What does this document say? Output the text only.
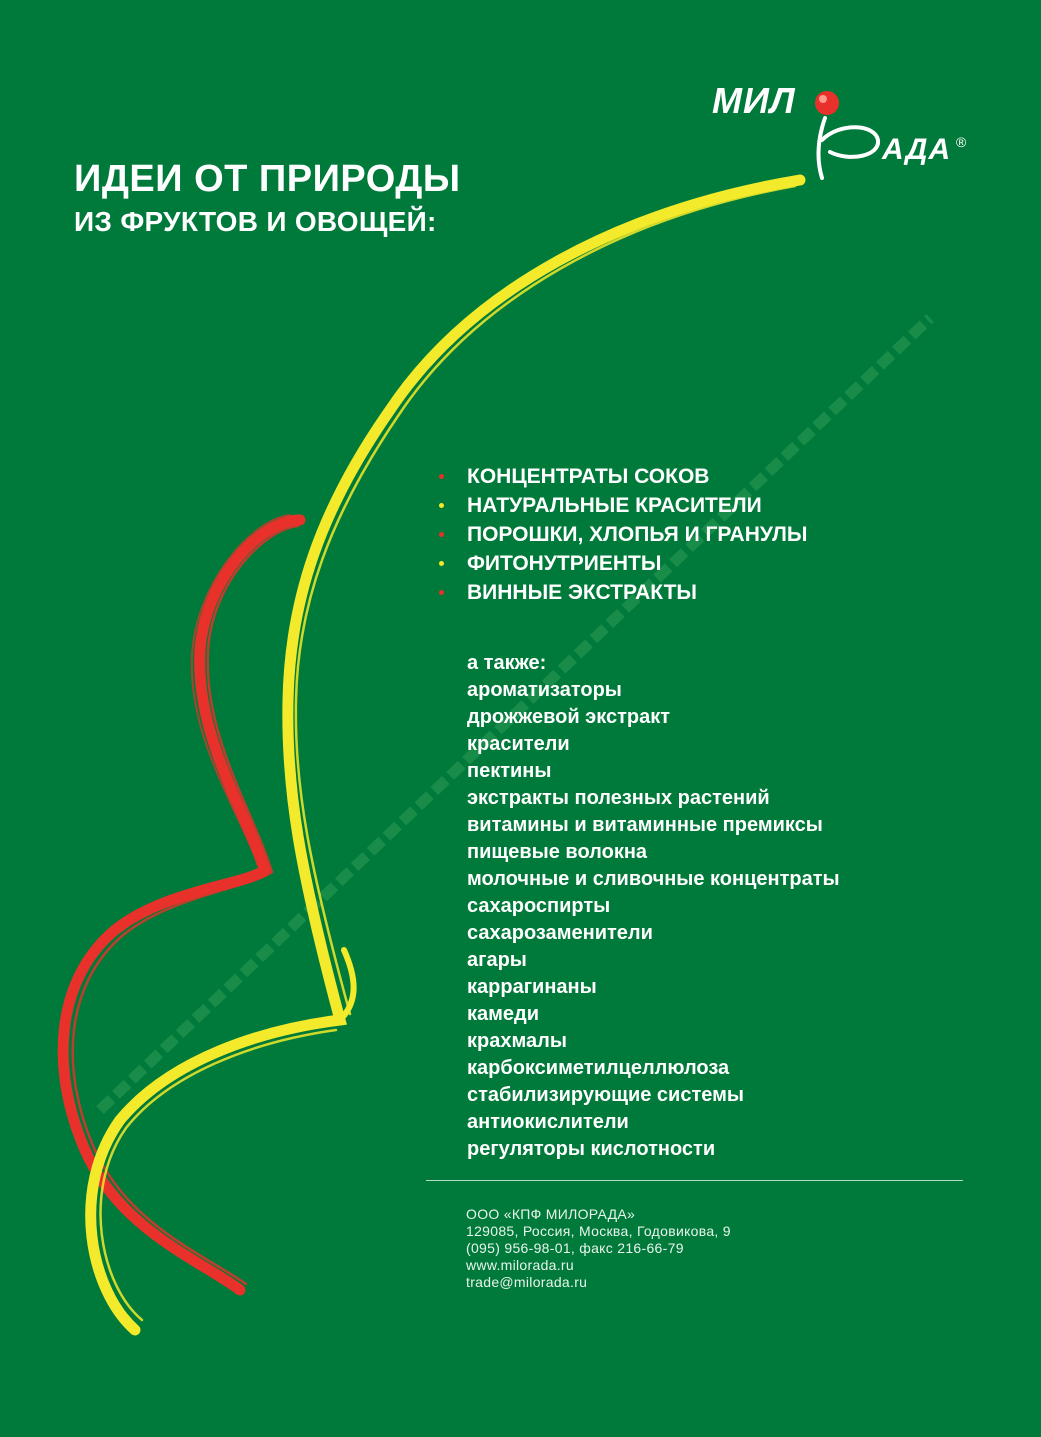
МИЛ
АДА ®
ИДЕИ ОТ ПРИРОДЫ
ИЗ ФРУКТОВ И ОВОЩЕЙ:
КОНЦЕНТРАТЫ СОКОВ
НАТУРАЛЬНЫЕ КРАСИТЕЛИ
ПОРОШКИ, ХЛОПЬЯ И ГРАНУЛЫ
ФИТОНУТРИЕНТЫ
ВИННЫЕ ЭКСТРАКТЫ
а также:
ароматизаторы
дрожжевой экстракт
красители
пектины
экстракты полезных растений
витамины и витаминные премиксы
пищевые волокна
молочные и сливочные концентраты
сахароспирты
сахарозаменители
агары
каррагинаны
камеди
крахмалы
карбоксиметилцеллюлоза
стабилизирующие системы
антиокислители
регуляторы кислотности
ООО «КПФ МИЛОРАДА»
129085, Россия, Москва, Годовикова, 9
(095) 956-98-01, факс 216-66-79
www.milorada.ru
trade@milorada.ru
